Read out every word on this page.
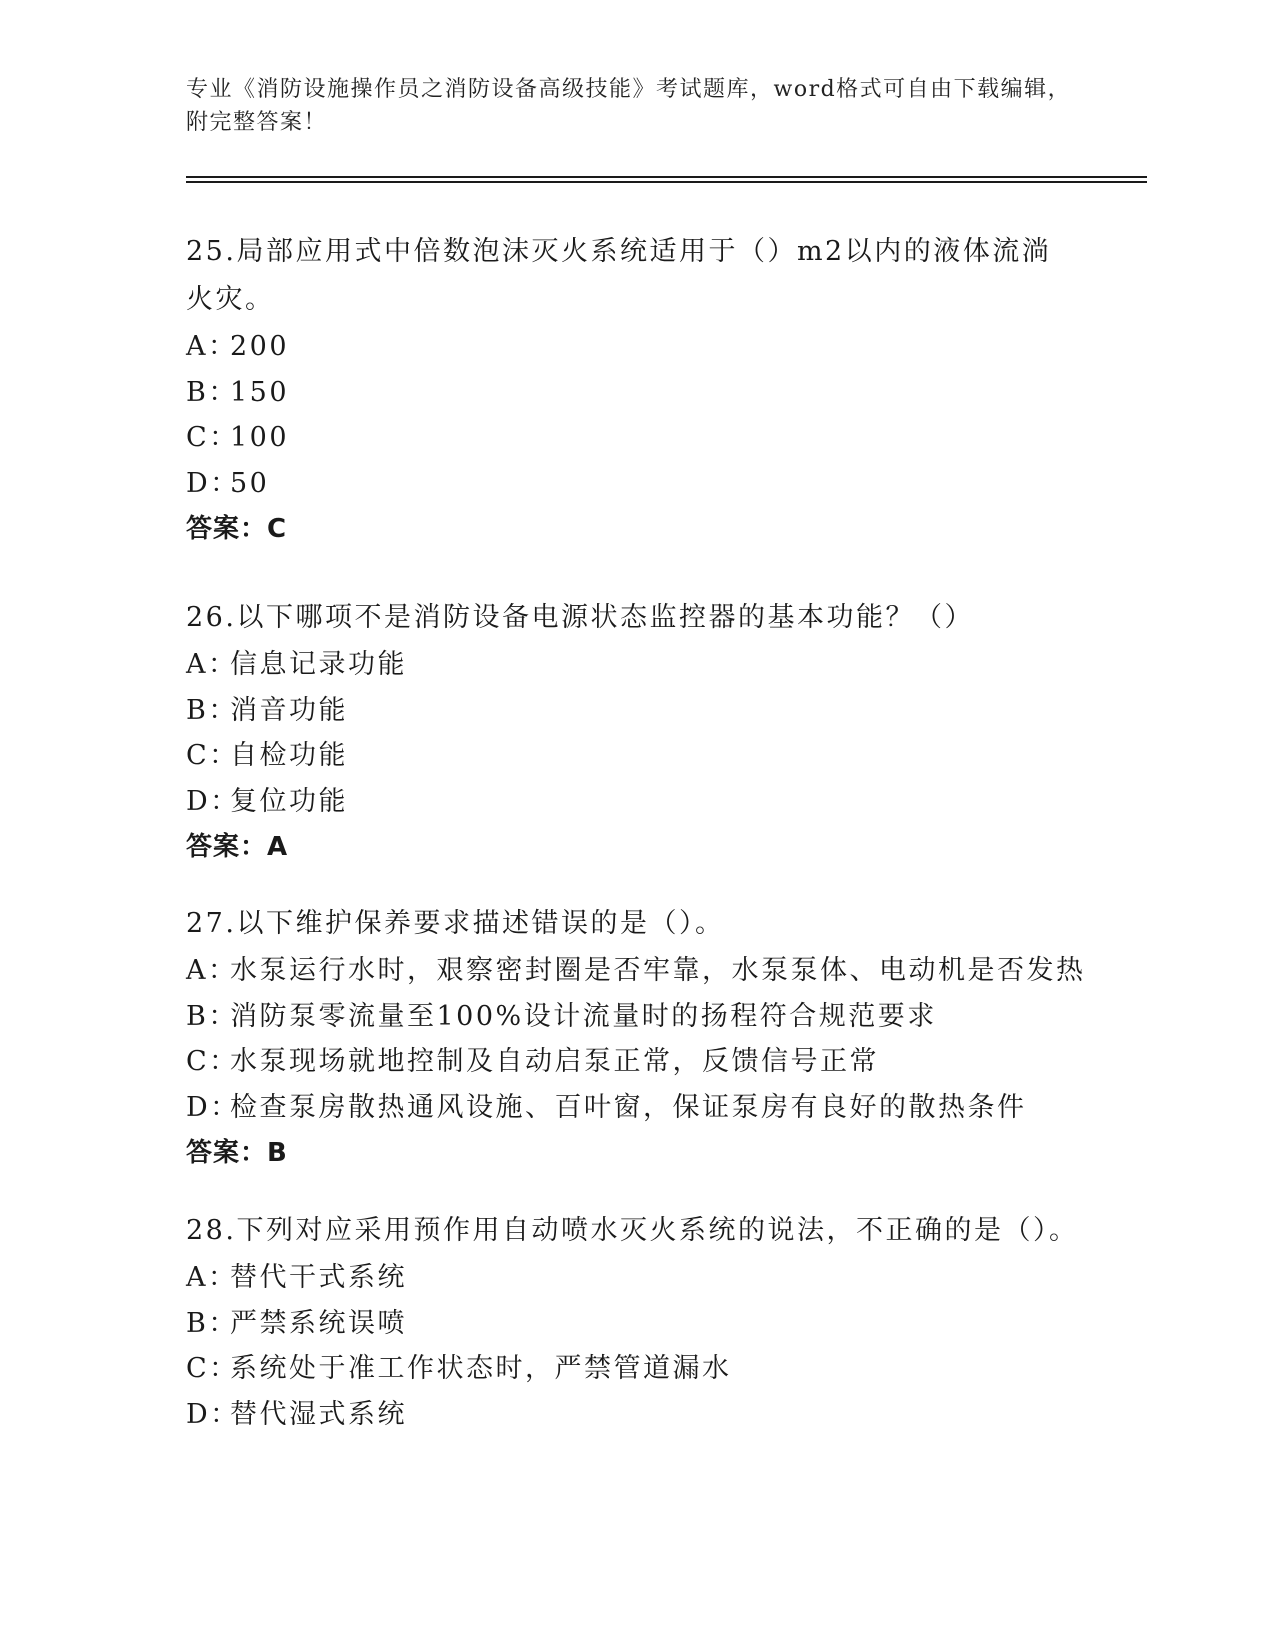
专业《消防设施操作员之消防设备高级技能》考试题库，word格式可自由下载编辑，附完整答案！
25.局部应用式中倍数泡沫灭火系统适用于（）m2以内的液体流淌火灾。
A：200
B：150
C：100
D：50
答案：C
26.以下哪项不是消防设备电源状态监控器的基本功能？（）
A：信息记录功能
B：消音功能
C：自检功能
D：复位功能
答案：A
27.以下维护保养要求描述错误的是（）。
A：水泵运行水时，艰察密封圈是否牢靠，水泵泵体、电动机是否发热
B：消防泵零流量至100%设计流量时的扬程符合规范要求
C：水泵现场就地控制及自动启泵正常，反馈信号正常
D：检查泵房散热通风设施、百叶窗，保证泵房有良好的散热条件
答案：B
28.下列对应采用预作用自动喷水灭火系统的说法，不正确的是（）。
A：替代干式系统
B：严禁系统误喷
C：系统处于准工作状态时，严禁管道漏水
D：替代湿式系统
